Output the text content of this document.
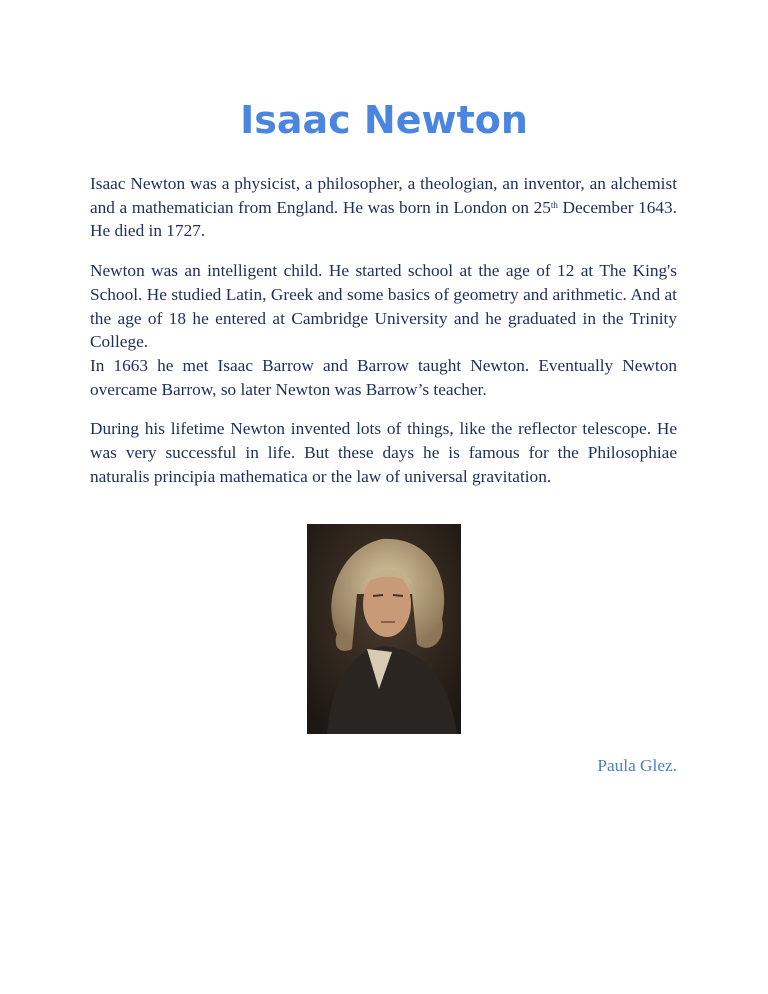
Isaac Newton

Isaac Newton was a physicist, a philosopher, a theologian, an inventor, an alchemist and a mathematician from England. He was born in London on 25th December 1643. He died in 1727.

Newton was an intelligent child. He started school at the age of 12 at The King's School. He studied Latin, Greek and some basics of geometry and arithmetic. And at the age of 18 he entered at Cambridge University and he graduated in the Trinity College.

In 1663 he met Isaac Barrow and Barrow taught Newton. Eventually Newton overcame Barrow, so later Newton was Barrow’s teacher.

During his lifetime Newton invented lots of things, like the reflector telescope. He was very successful in life. But these days he is famous for the Philosophiae naturalis principia mathematica or the law of universal gravitation.

Paula Glez.
